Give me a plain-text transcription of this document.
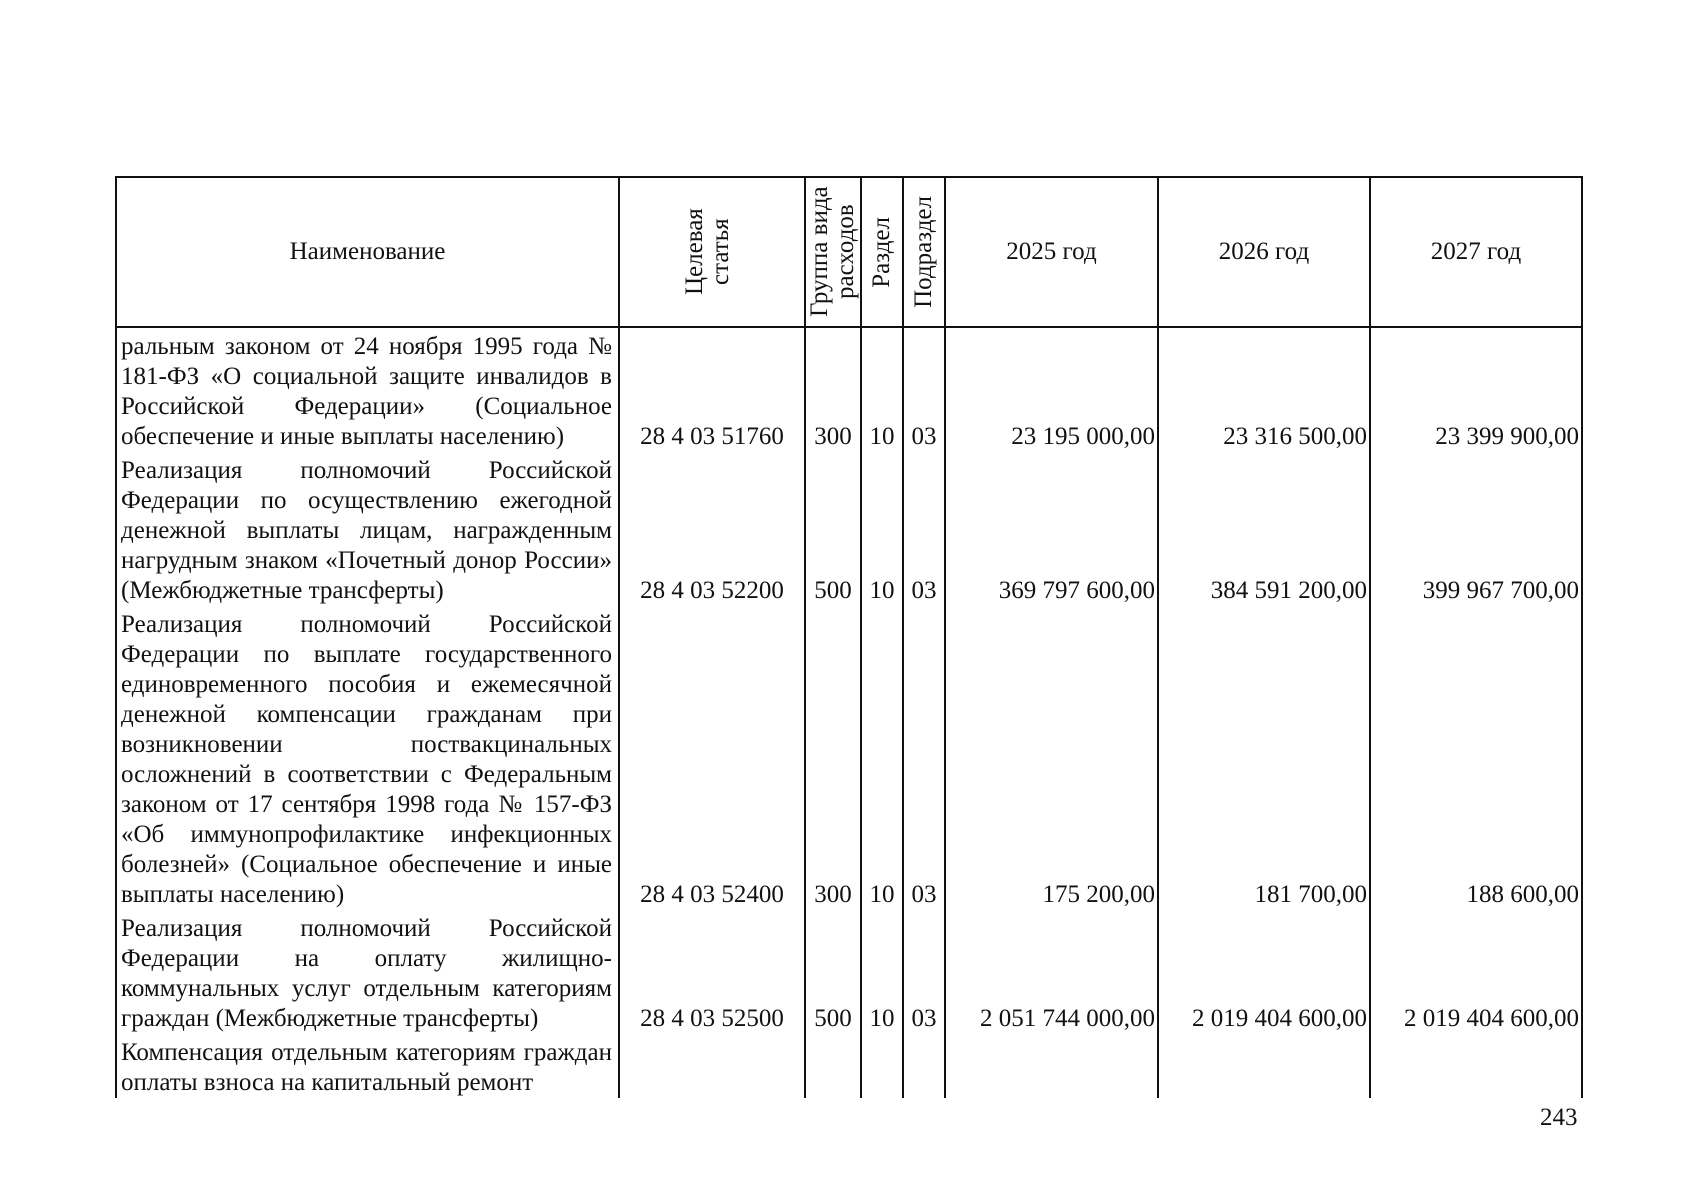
Наименование	Целевая статья	Группа вида расходов	Раздел	Подраздел	2025 год	2026 год	2027 год
ральным законом от 24 ноября 1995 года № 181-ФЗ «О социальной защите инвалидов в Российской Федерации» (Социальное обеспечение и иные выплаты населению)	28 4 03 51760	300	10	03	23 195 000,00	23 316 500,00	23 399 900,00
Реализация полномочий Российской Федерации по осуществлению ежегодной денежной выплаты лицам, награжденным нагрудным знаком «Почетный донор России» (Межбюджетные трансферты)	28 4 03 52200	500	10	03	369 797 600,00	384 591 200,00	399 967 700,00
Реализация полномочий Российской Федерации по выплате государственного единовременного пособия и ежемесячной денежной компенсации гражданам при возникновении поствакцинальных осложнений в соответствии с Федеральным законом от 17 сентября 1998 года № 157-ФЗ «Об иммунопрофилактике инфекционных болезней» (Социальное обеспечение и иные выплаты населению)	28 4 03 52400	300	10	03	175 200,00	181 700,00	188 600,00
Реализация полномочий Российской Федерации на оплату жилищно-коммунальных услуг отдельным категориям граждан (Межбюджетные трансферты)	28 4 03 52500	500	10	03	2 051 744 000,00	2 019 404 600,00	2 019 404 600,00
Компенсация отдельным категориям граждан оплаты взноса на капитальный ремонт							
243
